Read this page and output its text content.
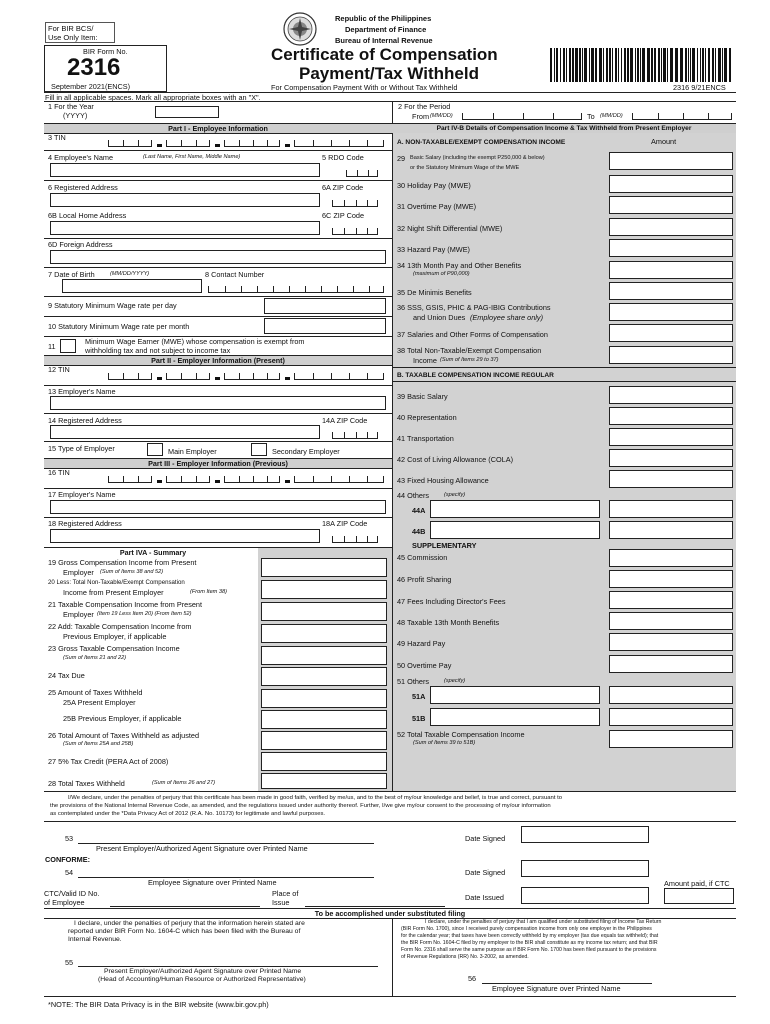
For BIR BCS/
Use Only Item:
Republic of the Philippines
Department of Finance
Bureau of Internal Revenue
BIR Form No.
2316
September 2021(ENCS)
Certificate of Compensation
Payment/Tax Withheld
For Compensation Payment With or Without Tax Withheld	2316 9/21ENCS
Fill in all applicable spaces. Mark all appropriate boxes with an "X".
1 For the Year
(YYYY)
Part I - Employee Information
3 TIN
4 Employee's Name	(Last Name, First Name, Middle Name)	5 RDO Code
6 Registered Address	6A ZIP Code
6B Local Home Address	6C ZIP Code
6D Foreign Address
7 Date of Birth	(MM/DD/YYYY)	8 Contact Number
9 Statutory Minimum Wage rate per day
10 Statutory Minimum Wage rate per month
11
Minimum Wage Earner (MWE) whose compensation is exempt from
withholding tax and not subject to income tax
Part II - Employer Information (Present)
12 TIN
13 Employer's Name
14 Registered Address	14A ZIP Code
15 Type of Employer	Main Employer	Secondary Employer
Part III - Employer Information (Previous)
16 TIN
17 Employer's Name
18 Registered Address	18A ZIP Code
Part IVA - Summary
19 Gross Compensation Income from Present
Employer (Sum of Items 38 and 52)
20 Less: Total Non-Taxable/Exempt Compensation
Income from Present Employer	(From Item 38)
21 Taxable Compensation Income from Present
Employer (Item 19 Less Item 20) (From Item 52)
22 Add: Taxable Compensation Income from
Previous Employer, if applicable
23 Gross Taxable Compensation Income
(Sum of Items 21 and 22)
24 Tax Due
25 Amount of Taxes Withheld
25A Present Employer
25B Previous Employer, if applicable
26 Total Amount of Taxes Withheld as adjusted
(Sum of Items 25A and 25B)
27 5% Tax Credit (PERA Act of 2008)
28 Total Taxes Withheld	(Sum of Items 26 and 27)
2 For the Period
From (MM/DD)	To (MM/DD)
Part IV-B Details of Compensation Income & Tax Withheld from Present Employer
A. NON-TAXABLE/EXEMPT COMPENSATION INCOME	Amount
29 Basic Salary (including the exempt P250,000 & below)
or the Statutory Minimum Wage of the MWE
30 Holiday Pay (MWE)
31 Overtime Pay (MWE)
32 Night Shift Differential (MWE)
33 Hazard Pay (MWE)
34 13th Month Pay and Other Benefits
(maximum of P90,000)
35 De Minimis Benefits
36 SSS, GSIS, PHIC & PAG-IBIG Contributions
and Union Dues (Employee share only)
37 Salaries and Other Forms of Compensation
38 Total Non-Taxable/Exempt Compensation
Income (Sum of Items 29 to 37)
B. TAXABLE COMPENSATION INCOME REGULAR
39 Basic Salary
40 Representation
41 Transportation
42 Cost of Living Allowance (COLA)
43 Fixed Housing Allowance
44 Others	(specify)
44A
44B
SUPPLEMENTARY
45 Commission
46 Profit Sharing
47 Fees Including Director's Fees
48 Taxable 13th Month Benefits
49 Hazard Pay
50 Overtime Pay
51 Others	(specify)
51A
51B
52 Total Taxable Compensation Income
(Sum of Items 39 to 51B)
I/We declare, under the penalties of perjury that this certificate has been made in good faith, verified by me/us, and to the best of my/our knowledge and belief, is true and correct, pursuant to
the provisions of the National Internal Revenue Code, as amended, and the regulations issued under authority thereof. Further, I/we give my/our consent to the processing of my/our information
as contemplated under the *Data Privacy Act of 2012 (R.A. No. 10173) for legitimate and lawful purposes.
53
Present Employer/Authorized Agent Signature over Printed Name
Date Signed
CONFORME:
54
Employee Signature over Printed Name
Date Signed
Amount paid, if CTC
CTC/Valid ID No.
of Employee
Place of
Issue
Date Issued
To be accomplished under substituted filing
I declare, under the penalties of perjury that the information herein stated are
reported under BIR Form No. 1604-C which has been filed with the Bureau of
Internal Revenue.
55
Present Employer/Authorized Agent Signature over Printed Name
(Head of Accounting/Human Resource or Authorized Representative)
I declare, under the penalties of perjury that I am qualified under substituted filing of Income Tax Return
(BIR Form No. 1700), since I received purely compensation income from only one employer in the Philippines
for the calendar year; that taxes have been correctly withheld by my employer (tax due equals tax withheld); that
the BIR Form No. 1604-C filed by my employer to the BIR shall constitute as my income tax return; and that BIR
Form No. 2316 shall serve the same purpose as if BIR Form No. 1700 has been filed pursuant to the provisions
of Revenue Regulations (RR) No. 3-2002, as amended.
56
Employee Signature over Printed Name
*NOTE: The BIR Data Privacy is in the BIR website (www.bir.gov.ph)
